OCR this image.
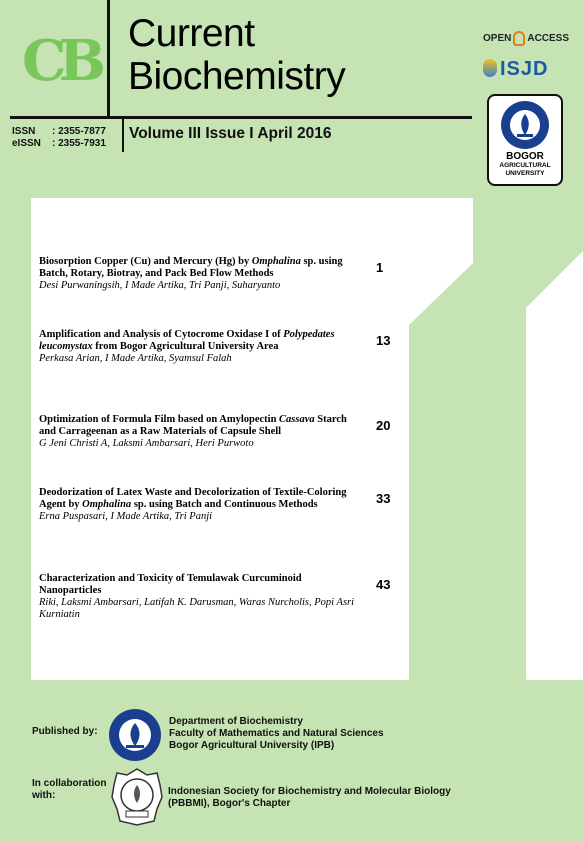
CB Current
Biochemistry
ISSN : 2355-7877
eISSN : 2355-7931
Volume III Issue I April 2016
OPEN ACCESS
ISJD
BOGOR
AGRICULTURAL
UNIVERSITY
Biosorption Copper (Cu) and Mercury (Hg) by Omphalina sp. using Batch, Rotary, Biotray, and Pack Bed Flow Methods
Desi Purwaningsih, I Made Artika, Tri Panji, Suharyanto
1
Amplification and Analysis of Cytocrome Oxidase I of Polypedates leucomystax from Bogor Agricultural University Area
Perkasa Arian, I Made Artika, Syamsul Falah
13
Optimization of Formula Film based on Amylopectin Cassava Starch and Carrageenan as a Raw Materials of Capsule Shell
G Jeni Christi A, Laksmi Ambarsari, Heri Purwoto
20
Deodorization of Latex Waste and Decolorization of Textile-Coloring Agent by Omphalina sp. using Batch and Continuous Methods
Erna Puspasari, I Made Artika, Tri Panji
33
Characterization and Toxicity of Temulawak Curcuminoid Nanoparticles
Riki, Laksmi Ambarsari, Latifah K. Darusman, Waras Nurcholis, Popi Asri Kurniatin
43
Published by:
Department of Biochemistry
Faculty of Mathematics and Natural Sciences
Bogor Agricultural University (IPB)
In collaboration
with:	Indonesian Society for Biochemistry and Molecular Biology
(PBBMI), Bogor's Chapter
